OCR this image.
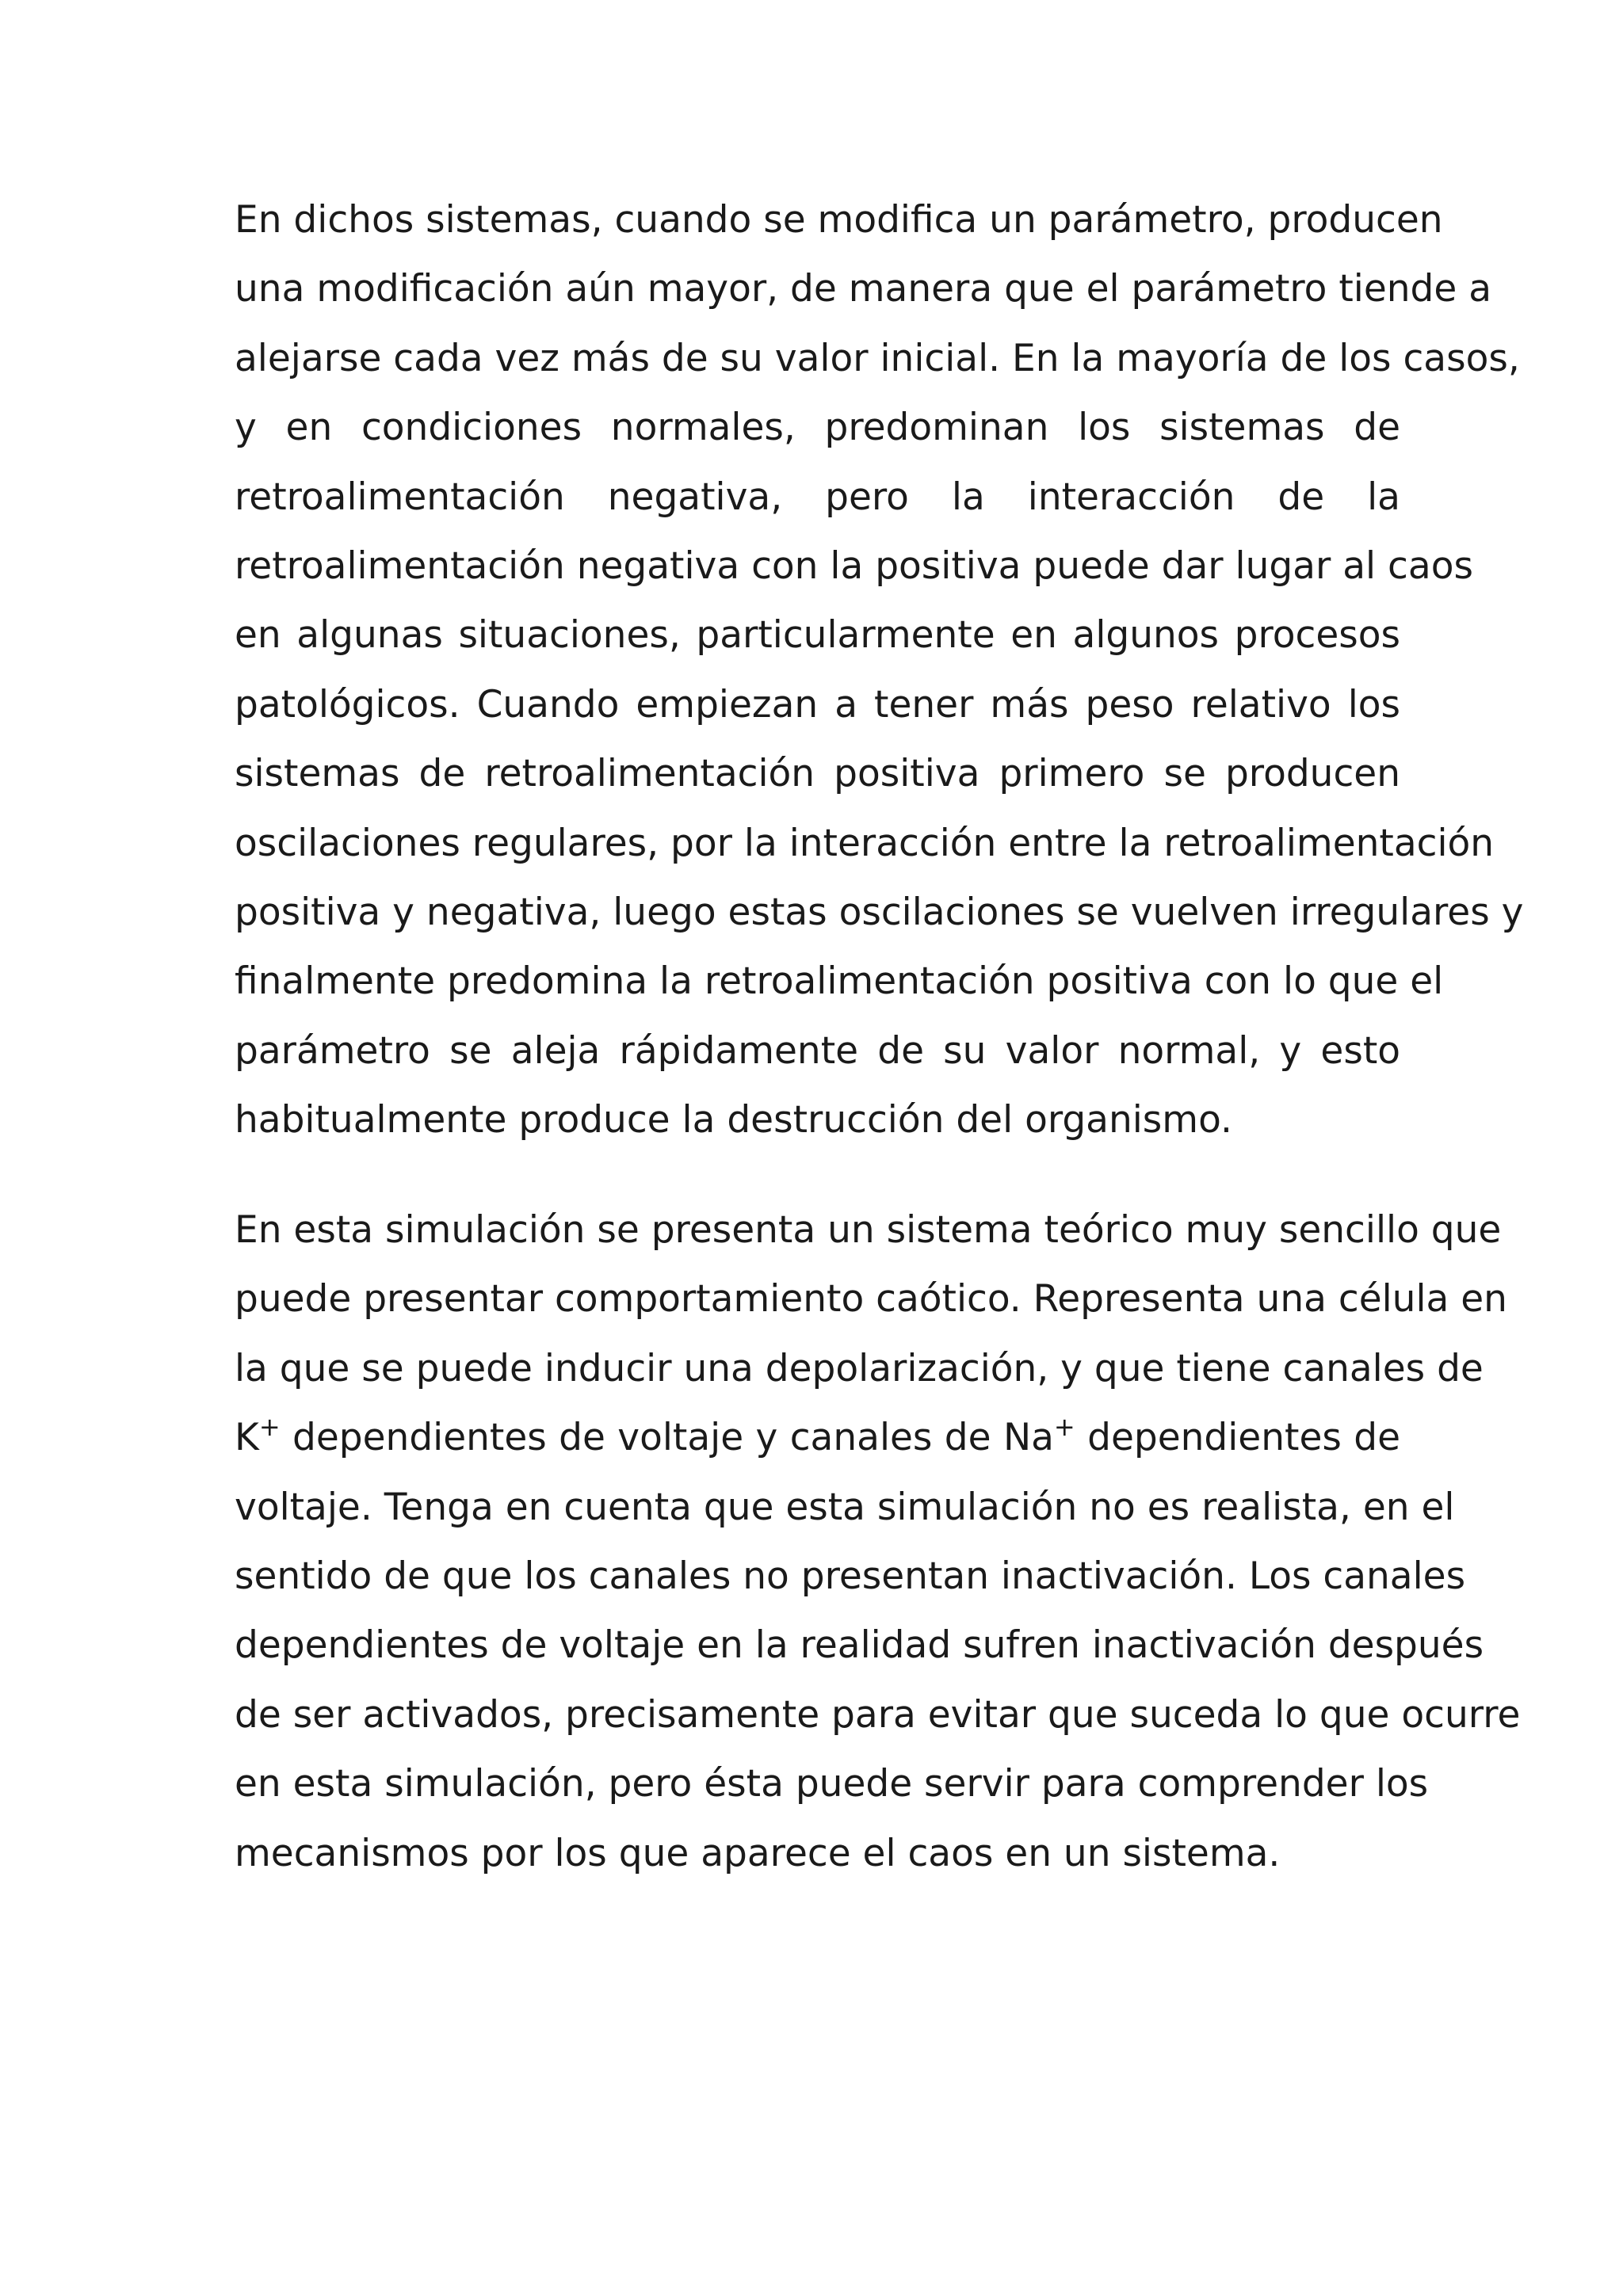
En dichos sistemas, cuando se modifica un parámetro, producen
una modificación aún mayor, de manera que el parámetro tiende a
alejarse cada vez más de su valor inicial. En la mayoría de los casos,
y en condiciones normales, predominan los sistemas de
retroalimentación negativa, pero la interacción de la
retroalimentación negativa con la positiva puede dar lugar al caos
en algunas situaciones, particularmente en algunos procesos
patológicos. Cuando empiezan a tener más peso relativo los
sistemas de retroalimentación positiva primero se producen
oscilaciones regulares, por la interacción entre la retroalimentación
positiva y negativa, luego estas oscilaciones se vuelven irregulares y
finalmente predomina la retroalimentación positiva con lo que el
parámetro se aleja rápidamente de su valor normal, y esto
habitualmente produce la destrucción del organismo.
En esta simulación se presenta un sistema teórico muy sencillo que
puede presentar comportamiento caótico. Representa una célula en
la que se puede inducir una depolarización, y que tiene canales de
K+ dependientes de voltaje y canales de Na+ dependientes de
voltaje. Tenga en cuenta que esta simulación no es realista, en el
sentido de que los canales no presentan inactivación. Los canales
dependientes de voltaje en la realidad sufren inactivación después
de ser activados, precisamente para evitar que suceda lo que ocurre
en esta simulación, pero ésta puede servir para comprender los
mecanismos por los que aparece el caos en un sistema.
